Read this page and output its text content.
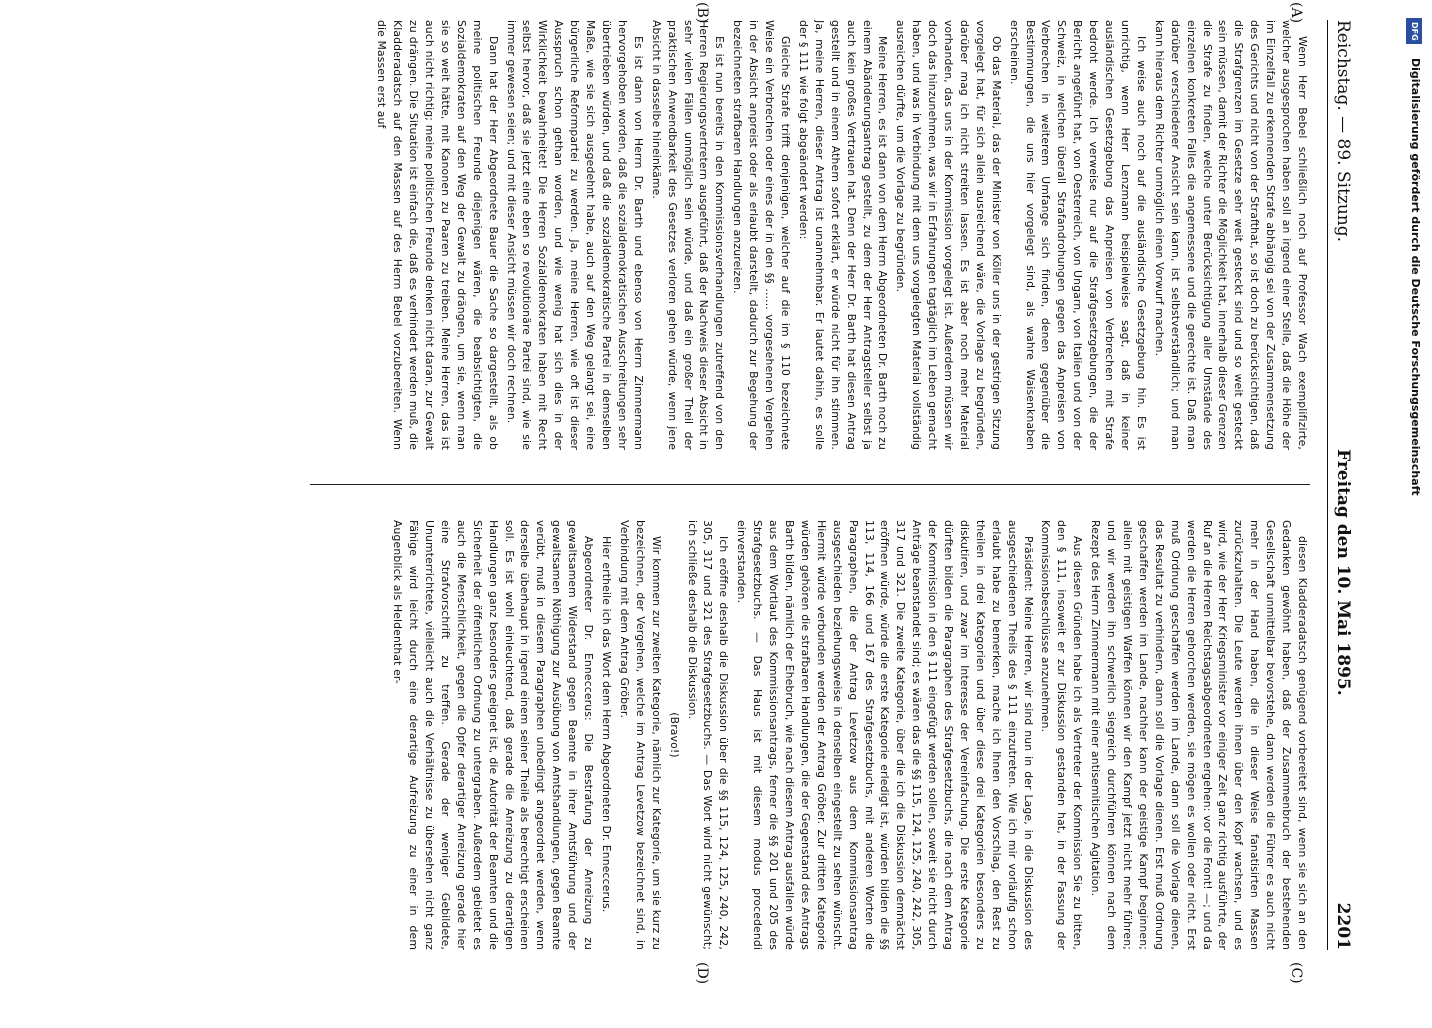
Reichstag. — 89. Sitzung.
Freitag den 10. Mai 1895.
2201
(A)
(B)
(C)
(D)

Wenn Herr Bebel schließlich noch auf Professor Wach exemplifizirte, welcher ausgesprochen haben soll an irgend einer Stelle, daß die Höhe der im Einzelfall zu erkennenden Strafe abhängig sei von der Zusammensetzung des Gerichts und nicht von der Strafthat, so ist doch zu berücksichtigen, daß die Strafgrenzen im Gesetze sehr weit gesteckt sind und so weit gesteckt sein müssen, damit der Richter die Möglichkeit hat, innerhalb dieser Grenzen die Strafe zu finden, welche unter Berücksichtigung aller Umstände des einzelnen konkreten Falles die angemessene und die gerechte ist. Daß man darüber verschiedener Ansicht sein kann, ist selbstverständlich; und man kann hieraus dem Richter unmöglich einen Vorwurf machen.

Ich weise auch noch auf die ausländische Gesetzgebung hin. Es ist unrichtig, wenn Herr Lenzmann beispielweise sagt, daß in keiner ausländischen Gesetzgebung das Anpreisen von Verbrechen mit Strafe bedroht werde. Ich verweise nur auf die Strafgesetzgebungen, die der Bericht angeführt hat, von Oesterreich, von Ungarn, von Italien und von der Schweiz, in welchen überall Strafandrohungen gegen das Anpreisen von Verbrechen in weiterem Umfange sich finden, denen gegenüber die Bestimmungen, die uns hier vorgelegt sind, als wahre Waisenknaben erscheinen.

Ob das Material, das der Minister von Köller uns in der gestrigen Sitzung vorgelegt hat, für sich allein ausreichend wäre, die Vorlage zu begründen, darüber mag ich nicht streiten lassen. Es ist aber noch mehr Material vorhanden, das uns in der Kommission vorgelegt ist. Außerdem müssen wir doch das hinzunehmen, was wir in Erfahrungen tagtäglich im Leben gemacht haben, und was in Verbindung mit dem uns vorgelegten Material vollständig ausreichen dürfte, um die Vorlage zu begründen.

Meine Herren, es ist dann von dem Herrn Abgeordneten Dr. Barth noch zu einem Abänderungsantrag gestellt, zu dem der Herr Antragsteller selbst ja auch kein großes Vertrauen hat. Denn der Herr Dr. Barth hat diesen Antrag gestellt und in einem Athem sofort erklärt, er würde nicht für ihn stimmen. Ja, meine Herren, dieser Antrag ist unannehmbar. Er lautet dahin, es solle der § 111 wie folgt abgeändert werden:

Gleiche Strafe trifft denjenigen, welcher auf die im § 110 bezeichnete Weise ein Verbrechen oder eines der in den §§ ...... vorgesehenen Vergehen in der Absicht anpreist oder als erlaubt darstellt, dadurch zur Begehung der bezeichneten strafbaren Handlungen anzureizen.

Es ist nun bereits in den Kommissionsverhandlungen zutreffend von den Herren Regierungsvertretern ausgeführt, daß der Nachweis dieser Absicht in sehr vielen Fällen unmöglich sein würde, und daß ein großer Theil der praktischen Anwendbarkeit des Gesetzes verloren gehen würde, wenn jene Absicht in dasselbe hineinkäme.

Es ist dann von Herrn Dr. Barth und ebenso von Herrn Zimmermann hervorgehoben worden, daß die sozialdemokratischen Ausschreitungen sehr übertrieben würden, und daß die sozialdemokratische Partei in demselben Maße, wie sie sich ausgedehnt habe, auch auf den Weg gelangt sei, eine bürgerliche Reformpartei zu werden. Ja, meine Herren, wie oft ist dieser Ausspruch schon gethan worden, und wie wenig hat sich dies in der Wirklichkeit bewahrheitet! Die Herren Sozialdemokraten haben mit Recht selbst hervor, daß sie jetzt eine eben so revolutionäre Partei sind, wie sie immer gewesen seien; und mit dieser Ansicht müssen wir doch rechnen.

Dann hat der Herr Abgeordnete Bauer die Sache so dargestellt, als ob meine politischen Freunde diejenigen wären, die beabsichtigten, die Sozialdemokraten auf den Weg der Gewalt zu drängen, um sie, wenn man sie so weit hätte, mit Kanonen zu Paaren zu treiben. Meine Herren, das ist auch nicht richtig; meine politischen Freunde denken nicht daran, zur Gewalt zu drängen. Die Situation ist einfach die, daß es verhindert werden muß, die Kladderadatsch auf den Massen auf des Herrn Bebel vorzubereiten. Wenn die Massen erst auf

diesen Kladderadatsch genügend vorbereitet sind, wenn sie sich an den Gedanken gewöhnt haben, daß der Zusammenbruch der bestehenden Gesellschaft unmittelbar bevorstehe, dann werden die Führer es auch nicht mehr in der Hand haben, die in dieser Weise fanatisirten Massen zurückzuhalten. Die Leute werden ihnen über den Kopf wachsen, und es wird, wie der Herr Kriegsminister vor einiger Zeit ganz richtig ausführte, der Ruf an die Herren Reichstagsabgeordneten ergehen: vor die Front! —; und da werden die Herren gehorchen werden, sie mögen es wollen oder nicht. Erst muß Ordnung geschaffen werden im Lande, dann soll die Vorlage dienen, das Resultat zu verhindern, dann soll die Vorlage dienen. Erst muß Ordnung geschaffen werden im Lande, nachher kann der geistige Kampf beginnen; allein mit geistigen Waffen können wir den Kampf jetzt nicht mehr führen; und wir werden ihn schwerlich siegreich durchführen können nach dem Rezept des Herrn Zimmermann mit einer antisemitischen Agitation.

Aus diesen Gründen habe ich als Vertreter der Kommission Sie zu bitten, den § 111, insoweit er zur Diskussion gestanden hat, in der Fassung der Kommissionsbeschlüsse anzunehmen.

Präsident: Meine Herren, wir sind nun in der Lage, in die Diskussion des ausgeschiedenen Theils des § 111 einzutreten. Wie ich mir vorläufig schon erlaubt habe zu bemerken, mache ich Ihnen den Vorschlag, den Rest zu theilen in drei Kategorien und über diese drei Kategorien besonders zu diskutiren, und zwar im Interesse der Vereinfachung. Die erste Kategorie dürften bilden die Paragraphen des Strafgesetzbuchs, die nach dem Antrag der Kommission in den § 111 eingefügt werden sollen, soweit sie nicht durch Anträge beanstandet sind; es wären das die §§ 115, 124, 125, 240, 242, 305, 317 und 321. Die zweite Kategorie, über die ich die Diskussion demnächst eröffnen würde, würde die erste Kategorie erledigt ist, würden bilden die §§ 113, 114, 166 und 167 des Strafgesetzbuchs, mit anderen Worten die Paragraphen, die der Antrag Levetzow aus dem Kommissionsantrag ausgeschieden beziehungsweise in denselben eingestellt zu sehen wünscht. Hiermit würde verbunden werden der Antrag Gröber. Zur dritten Kategorie würden gehören die strafbaren Handlungen, die der Gegenstand des Antrags Barth bilden, nämlich der Ehebruch, wie nach diesem Antrag ausfallen würde aus dem Wortlaut des Kommissionsantrags, ferner die §§ 201 und 205 des Strafgesetzbuchs. — Das Haus ist mit diesem modus procedendi einverstanden.

Ich eröffne deshalb die Diskussion über die §§ 115, 124, 125, 240, 242, 305, 317 und 321 des Strafgesetzbuchs. — Das Wort wird nicht gewünscht; ich schließe deshalb die Diskussion.

(Bravo!)

Wir kommen zur zweiten Kategorie, nämlich zur Kategorie, um sie kurz zu bezeichnen, der Vergehen, welche im Antrag Levetzow bezeichnet sind, in Verbindung mit dem Antrag Gröber.

Hier ertheile ich das Wort dem Herrn Abgeordneten Dr. Enneccerus.

Abgeordneter Dr. Enneccerus: Die Bestrafung der Anreizung zu gewaltsamem Widerstand gegen Beamte in ihrer Amtsführung und der gewaltsamen Nöthigung zur Ausübung von Amtshandlungen, gegen Beamte verübt, muß in diesem Paragraphen unbedingt angeordnet werden, wenn derselbe überhaupt in irgend einem seiner Theile als berechtigt erscheinen soll. Es ist wohl einleuchtend, daß gerade die Anreizung zu derartigen Handlungen ganz besonders geeignet ist, die Autorität der Beamten und die Sicherheit der öffentlichen Ordnung zu untergraben. Außerdem gebietet es auch die Menschlichkeit, gegen die Opfer derartiger Anreizung gerade hier eine Strafvorschrift zu treffen. Gerade der weniger Gebildete, Unumterrichtete, vielleicht auch die Verhältnisse zu übersehen nicht ganz Fähige wird leicht durch eine derartige Aufreizung zu einer in dem Augenblick als Heldenthat er-

DFG
Digitalisierung gefördert durch die Deutsche Forschungsgemeinschaft
